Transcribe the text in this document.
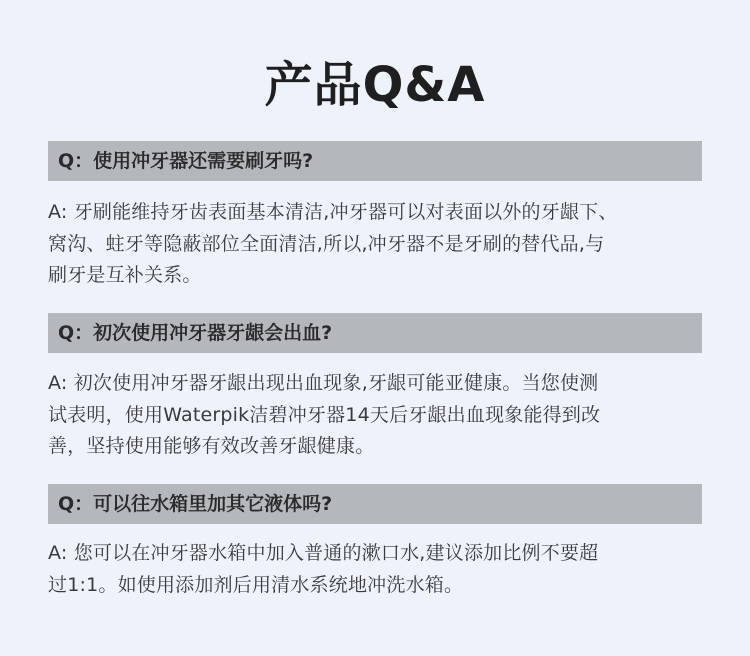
产品Q&A
Q：使用冲牙器还需要刷牙吗?
A: 牙刷能维持牙齿表面基本清洁,冲牙器可以对表面以外的牙龈下、
窝沟、蛀牙等隐蔽部位全面清洁,所以,冲牙器不是牙刷的替代品,与
刷牙是互补关系。
Q：初次使用冲牙器牙龈会出血?
A: 初次使用冲牙器牙龈出现出血现象,牙龈可能亚健康。当您使测
试表明，使用Waterpik洁碧冲牙器14天后牙龈出血现象能得到改
善，坚持使用能够有效改善牙龈健康。
Q：可以往水箱里加其它液体吗?
A: 您可以在冲牙器水箱中加入普通的漱口水,建议添加比例不要超
过1:1。如使用添加剂后用清水系统地冲洗水箱。
